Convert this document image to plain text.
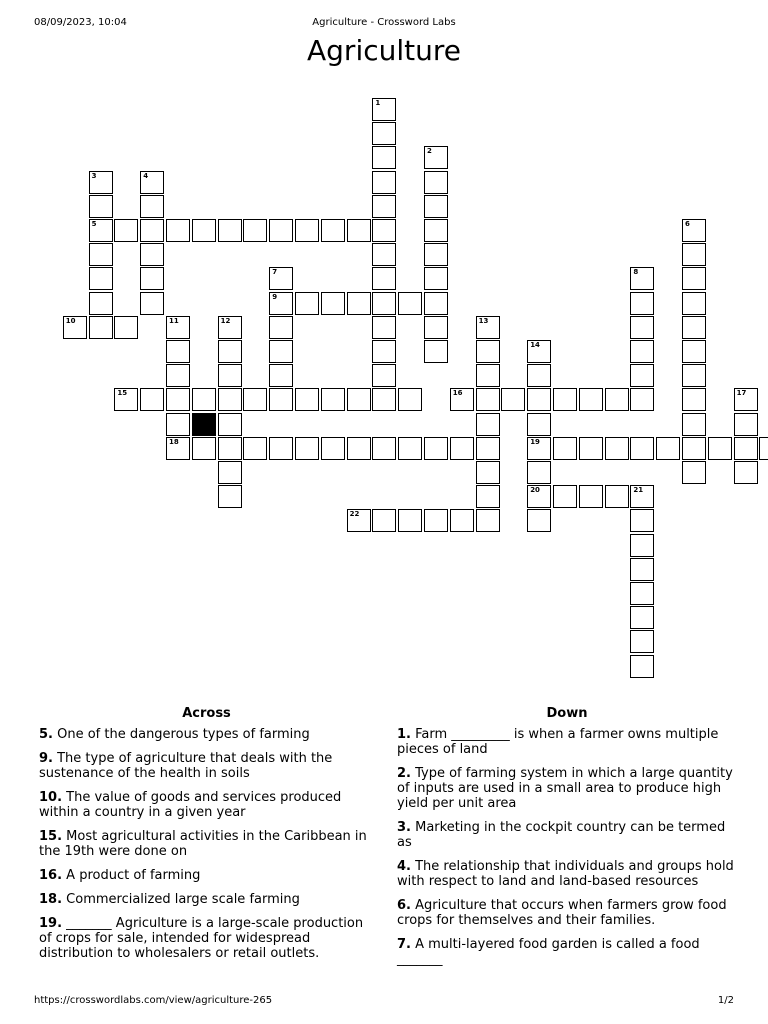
08/09/2023, 10:04	Agriculture - Crossword Labs
Agriculture
1
2
3
5
4
6
7
9
8
10	11
18
12	13
14
19
20
15	16	17
21
22
Across
5. One of the dangerous types of farming
9. The type of agriculture that deals with the sustenance of the health in soils
10. The value of goods and services produced within a country in a given year
15. Most agricultural activities in the Caribbean in the 19th were done on
16. A product of farming
18. Commercialized large scale farming
19. _______ Agriculture is a large-scale production of crops for sale, intended for widespread distribution to wholesalers or retail outlets.
Down
1. Farm _________ is when a farmer owns multiple pieces of land
2. Type of farming system in which a large quantity of inputs are used in a small area to produce high yield per unit area
3. Marketing in the cockpit country can be termed as
4. The relationship that individuals and groups hold with respect to land and land-based resources
6. Agriculture that occurs when farmers grow food crops for themselves and their families.
7. A multi-layered food garden is called a food _______
https://crosswordlabs.com/view/agriculture-265	1/2
